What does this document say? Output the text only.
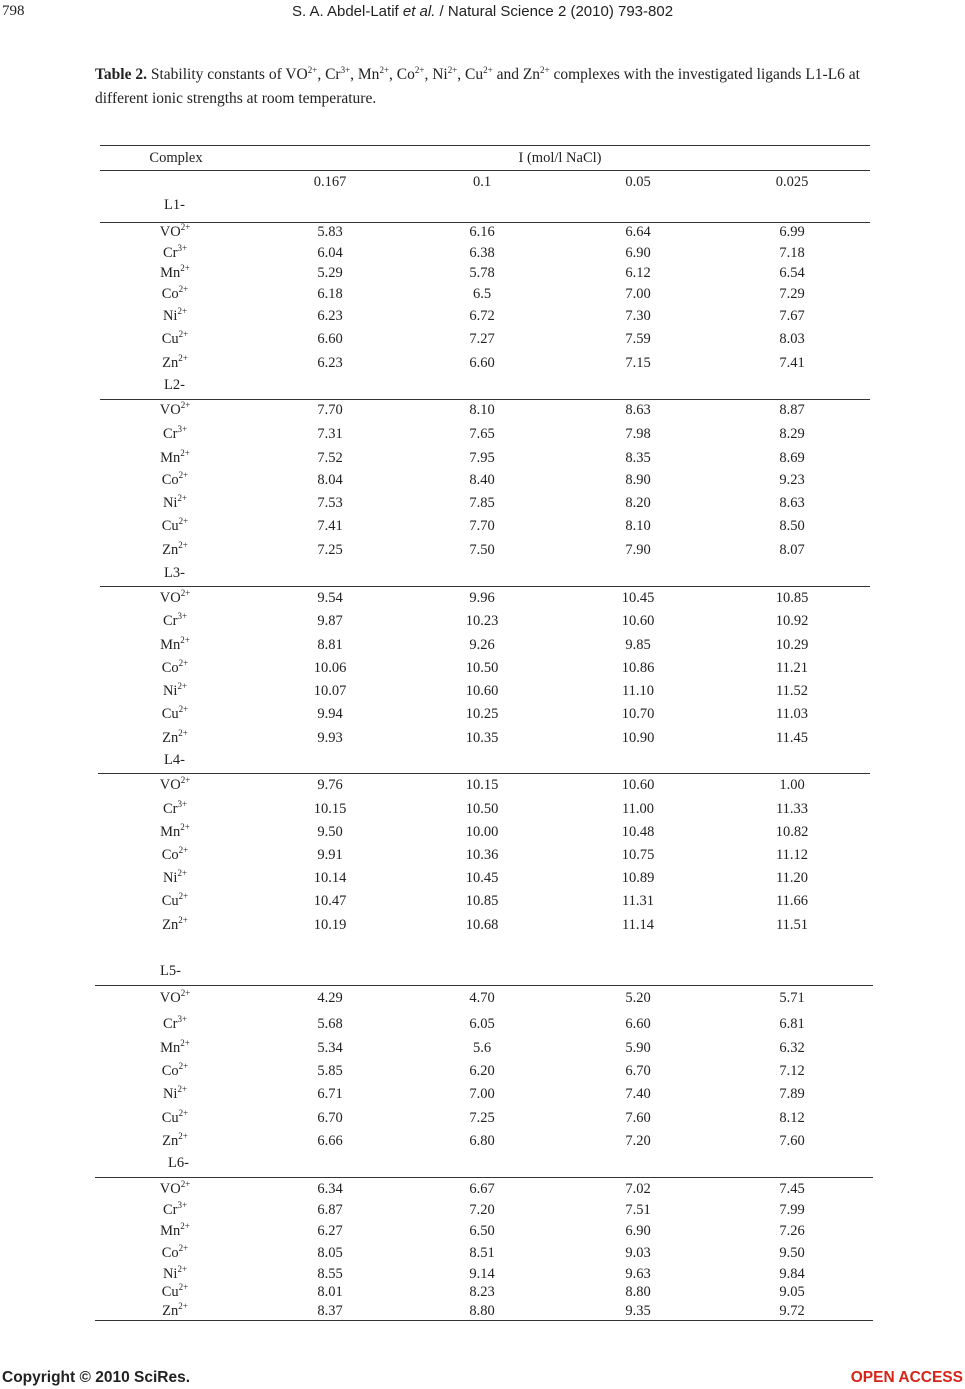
798	S. A. Abdel-Latif et al. / Natural Science 2 (2010) 793-802
Table 2. Stability constants of $VO^{2+}$, $Cr^{3+}$, $Mn^{2+}$, $Co^{2+}$, $Ni^{2+}$, $Cu^{2+}$ and $Zn^{2+}$ complexes with the investigated ligands L1-L6 at different ionic strengths at room temperature.
Complex	I (mol/l NaCl)
0.167	0.1	0.05	0.025
L1-
$VO^{2+}$	5.83	6.16	6.64	6.99
$Cr^{3+}$	6.04	6.38	6.90	7.18
$Mn^{2+}$	5.29	5.78	6.12	6.54
$Co^{2+}$	6.18	6.5	7.00	7.29
$Ni^{2+}$	6.23	6.72	7.30	7.67
$Cu^{2+}$	6.60	7.27	7.59	8.03
$Zn^{2+}$	6.23	6.60	7.15	7.41
L2-
$VO^{2+}$	7.70	8.10	8.63	8.87
$Cr^{3+}$	7.31	7.65	7.98	8.29
$Mn^{2+}$	7.52	7.95	8.35	8.69
$Co^{2+}$	8.04	8.40	8.90	9.23
$Ni^{2+}$	7.53	7.85	8.20	8.63
$Cu^{2+}$	7.41	7.70	8.10	8.50
$Zn^{2+}$	7.25	7.50	7.90	8.07
L3-
$VO^{2+}$	9.54	9.96	10.45	10.85
$Cr^{3+}$	9.87	10.23	10.60	10.92
$Mn^{2+}$	8.81	9.26	9.85	10.29
$Co^{2+}$	10.06	10.50	10.86	11.21
$Ni^{2+}$	10.07	10.60	11.10	11.52
$Cu^{2+}$	9.94	10.25	10.70	11.03
$Zn^{2+}$	9.93	10.35	10.90	11.45
L4-
$VO^{2+}$	9.76	10.15	10.60	1.00
$Cr^{3+}$	10.15	10.50	11.00	11.33
$Mn^{2+}$	9.50	10.00	10.48	10.82
$Co^{2+}$	9.91	10.36	10.75	11.12
$Ni^{2+}$	10.14	10.45	10.89	11.20
$Cu^{2+}$	10.47	10.85	11.31	11.66
$Zn^{2+}$	10.19	10.68	11.14	11.51
L5-
$VO^{2+}$	4.29	4.70	5.20	5.71
$Cr^{3+}$	5.68	6.05	6.60	6.81
$Mn^{2+}$	5.34	5.6	5.90	6.32
$Co^{2+}$	5.85	6.20	6.70	7.12
$Ni^{2+}$	6.71	7.00	7.40	7.89
$Cu^{2+}$	6.70	7.25	7.60	8.12
$Zn^{2+}$	6.66	6.80	7.20	7.60
L6-
$VO^{2+}$	6.34	6.67	7.02	7.45
$Cr^{3+}$	6.87	7.20	7.51	7.99
$Mn^{2+}$	6.27	6.50	6.90	7.26
$Co^{2+}$	8.05	8.51	9.03	9.50
$Ni^{2+}$	8.55	9.14	9.63	9.84
$Cu^{2+}$	8.01	8.23	8.80	9.05
$Zn^{2+}$	8.37	8.80	9.35	9.72
Copyright © 2010 SciRes.	OPEN ACCESS
